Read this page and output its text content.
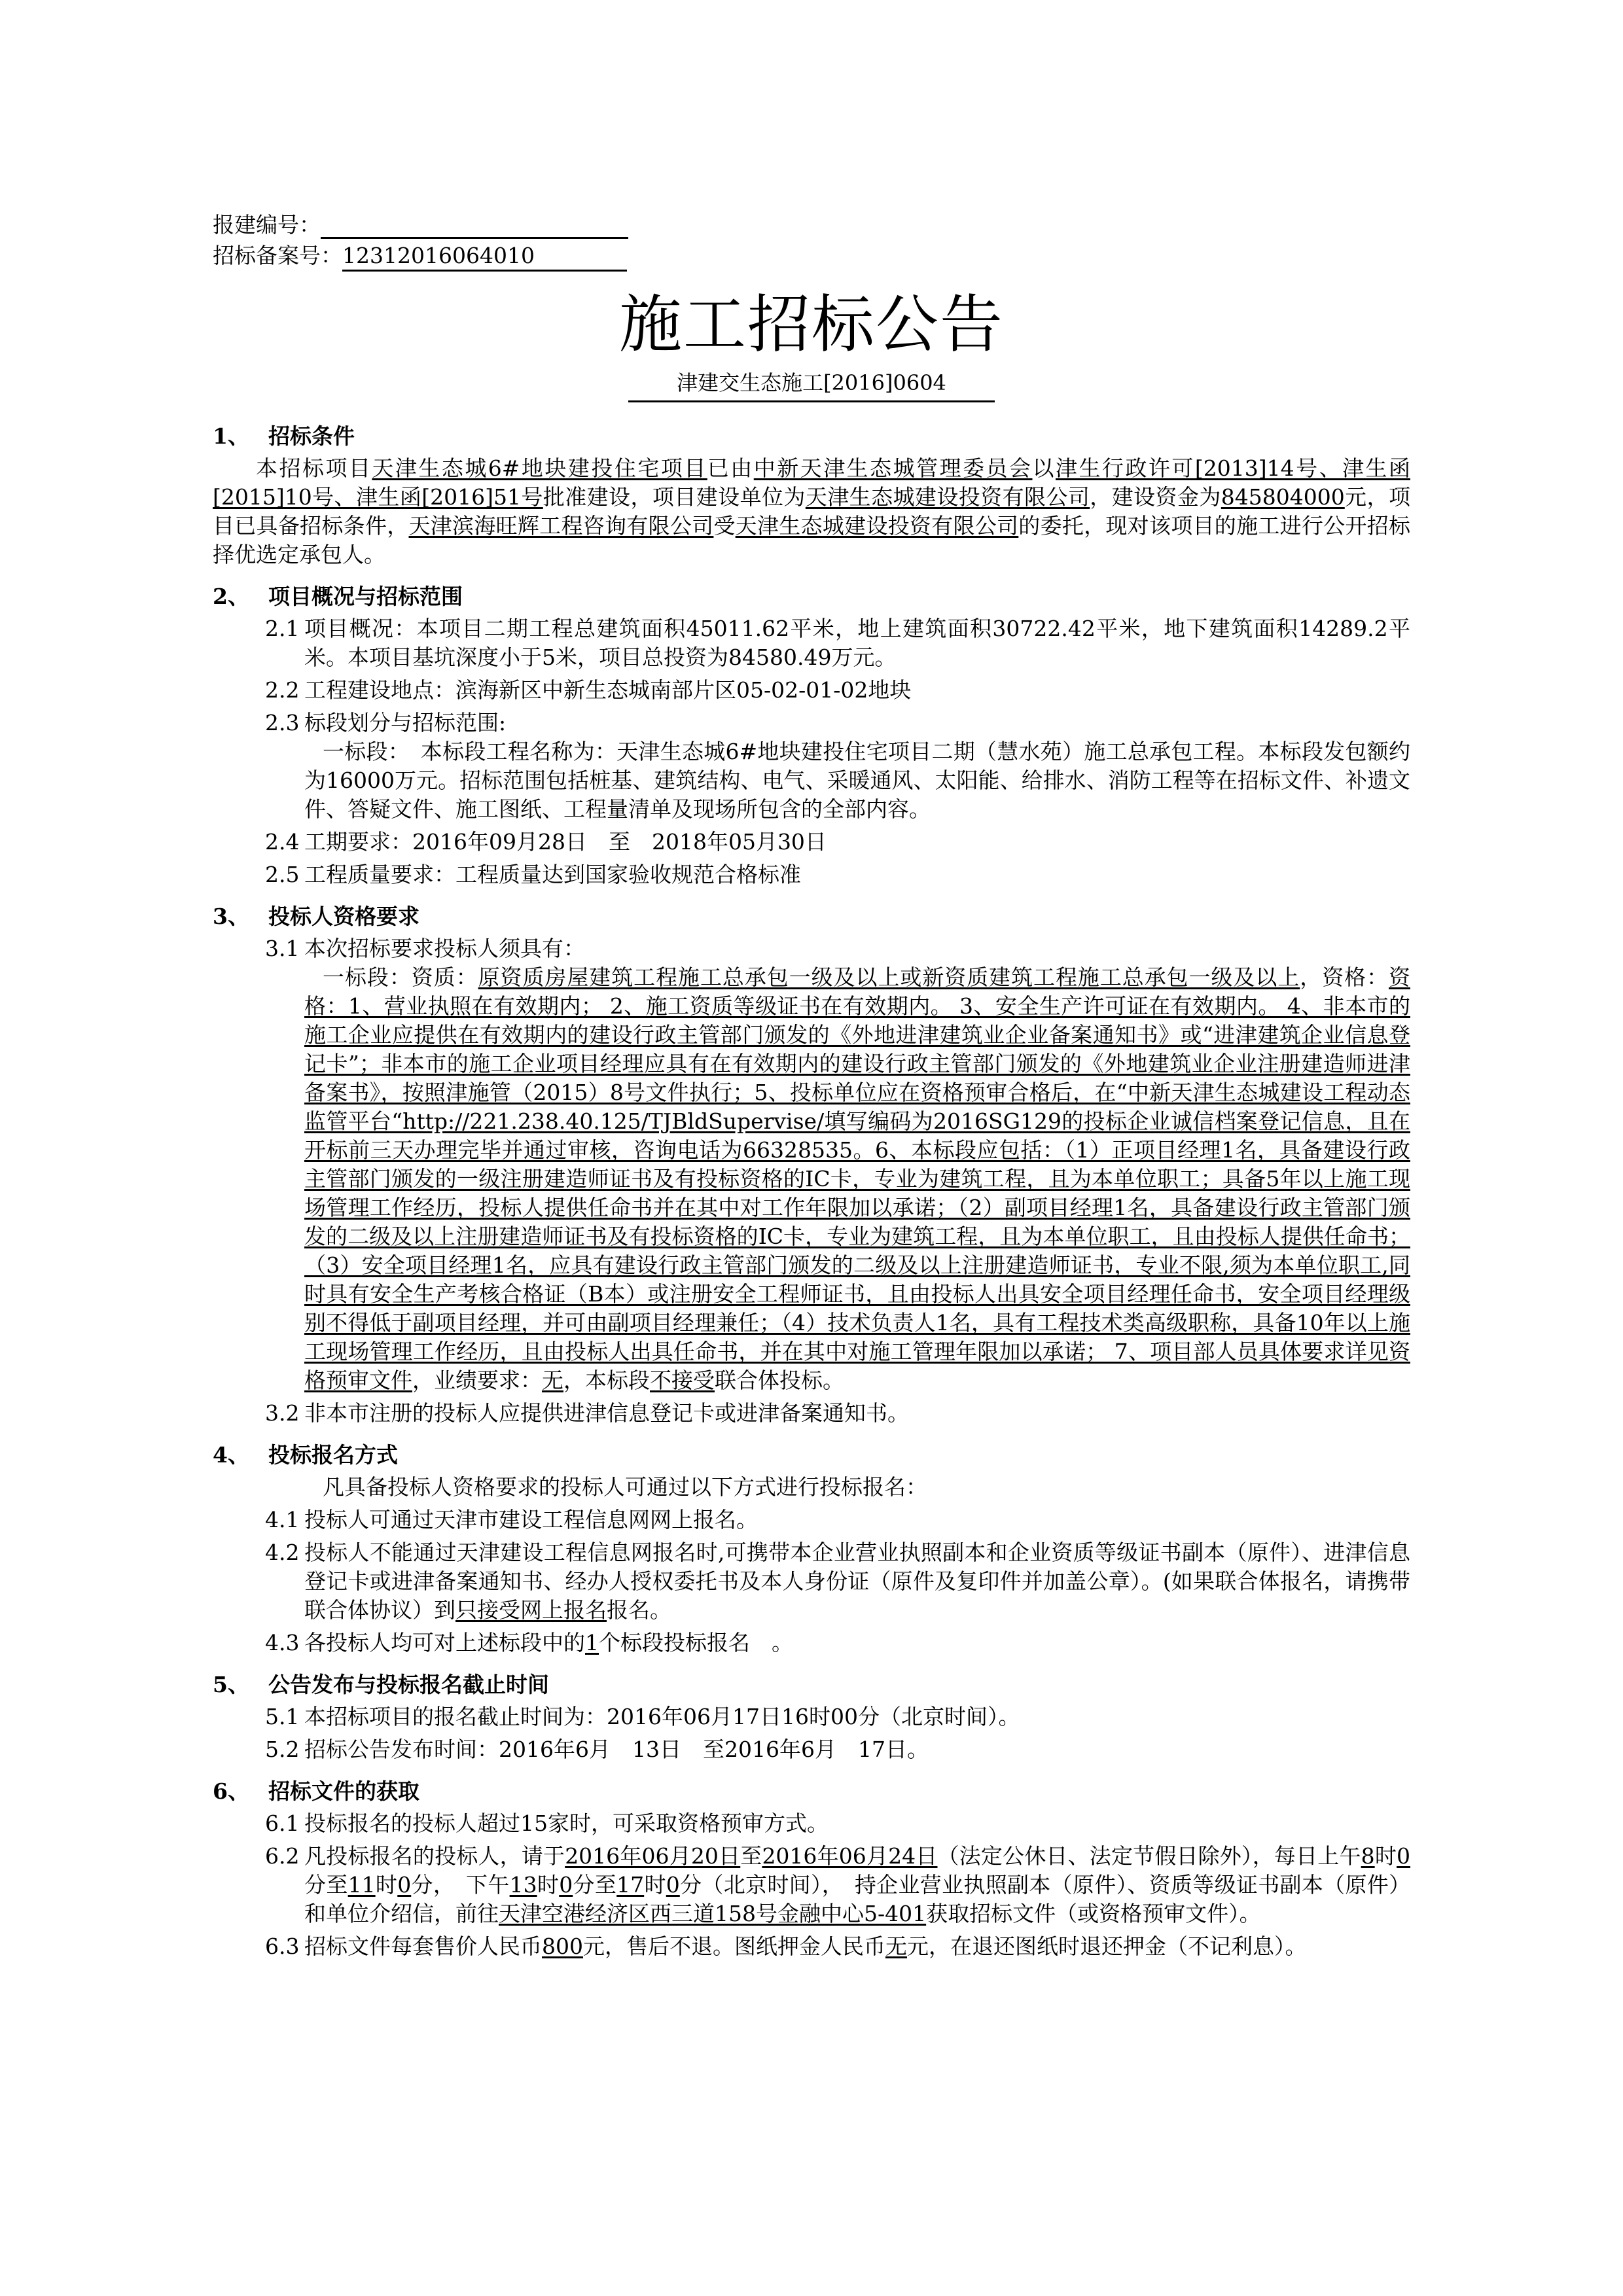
报建编号：
招标备案号：12312016064010
施工招标公告
津建交生态施工[2016]0604
1、 招标条件
本招标项目天津生态城6#地块建投住宅项目已由中新天津生态城管理委员会以津生行政许可[2013]14号、津生函[2015]10号、津生函[2016]51号批准建设，项目建设单位为天津生态城建设投资有限公司，建设资金为845804000元，项目已具备招标条件，天津滨海旺辉工程咨询有限公司受天津生态城建设投资有限公司的委托，现对该项目的施工进行公开招标择优选定承包人。
2、 项目概况与招标范围
2.1 项目概况：本项目二期工程总建筑面积45011.62平米，地上建筑面积30722.42平米，地下建筑面积14289.2平米。本项目基坑深度小于5米，项目总投资为84580.49万元。
2.2 工程建设地点：滨海新区中新生态城南部片区05-02-01-02地块
2.3 标段划分与招标范围:
一标段：　本标段工程名称为：天津生态城6#地块建投住宅项目二期（慧水苑）施工总承包工程。本标段发包额约为16000万元。招标范围包括桩基、建筑结构、电气、采暖通风、太阳能、给排水、消防工程等在招标文件、补遗文件、答疑文件、施工图纸、工程量清单及现场所包含的全部内容。
2.4 工期要求：2016年09月28日　至　2018年05月30日
2.5 工程质量要求：工程质量达到国家验收规范合格标准
3、 投标人资格要求
3.1 本次招标要求投标人须具有：
一标段：资质：原资质房屋建筑工程施工总承包一级及以上或新资质建筑工程施工总承包一级及以上，资格：资格：1、营业执照在有效期内； 2、施工资质等级证书在有效期内。 3、安全生产许可证在有效期内。 4、非本市的施工企业应提供在有效期内的建设行政主管部门颁发的《外地进津建筑业企业备案通知书》或“进津建筑企业信息登记卡”；非本市的施工企业项目经理应具有在有效期内的建设行政主管部门颁发的《外地建筑业企业注册建造师进津备案书》，按照津施管（2015）8号文件执行；5、投标单位应在资格预审合格后，在“中新天津生态城建设工程动态监管平台“http://221.238.40.125/TJBldSupervise/填写编码为2016SG129的投标企业诚信档案登记信息，且在开标前三天办理完毕并通过审核，咨询电话为66328535。6、本标段应包括：（1）正项目经理1名，具备建设行政主管部门颁发的一级注册建造师证书及有投标资格的IC卡，专业为建筑工程，且为本单位职工；具备5年以上施工现场管理工作经历，投标人提供任命书并在其中对工作年限加以承诺；（2）副项目经理1名，具备建设行政主管部门颁发的二级及以上注册建造师证书及有投标资格的IC卡，专业为建筑工程，且为本单位职工，且由投标人提供任命书；（3）安全项目经理1名，应具有建设行政主管部门颁发的二级及以上注册建造师证书，专业不限,须为本单位职工,同时具有安全生产考核合格证（B本）或注册安全工程师证书，且由投标人出具安全项目经理任命书，安全项目经理级别不得低于副项目经理，并可由副项目经理兼任；（4）技术负责人1名，具有工程技术类高级职称，具备10年以上施工现场管理工作经历，且由投标人出具任命书，并在其中对施工管理年限加以承诺； 7、项目部人员具体要求详见资格预审文件，业绩要求：无，本标段不接受联合体投标。
3.2 非本市注册的投标人应提供进津信息登记卡或进津备案通知书。
4、 投标报名方式
凡具备投标人资格要求的投标人可通过以下方式进行投标报名：
4.1 投标人可通过天津市建设工程信息网网上报名。
4.2 投标人不能通过天津建设工程信息网报名时,可携带本企业营业执照副本和企业资质等级证书副本（原件）、进津信息登记卡或进津备案通知书、经办人授权委托书及本人身份证（原件及复印件并加盖公章）。(如果联合体报名，请携带联合体协议）到只接受网上报名报名。
4.3 各投标人均可对上述标段中的1个标段投标报名　。
5、 公告发布与投标报名截止时间
5.1 本招标项目的报名截止时间为：2016年06月17日16时00分（北京时间）。
5.2 招标公告发布时间：2016年6月　13日　至2016年6月　17日。
6、 招标文件的获取
6.1 投标报名的投标人超过15家时，可采取资格预审方式。
6.2 凡投标报名的投标人，请于2016年06月20日至2016年06月24日（法定公休日、法定节假日除外），每日上午8时0分至11时0分，　下午13时0分至17时0分（北京时间），　持企业营业执照副本（原件）、资质等级证书副本（原件）和单位介绍信，前往天津空港经济区西三道158号金融中心5-401获取招标文件（或资格预审文件）。
6.3 招标文件每套售价人民币800元，售后不退。图纸押金人民币无元，在退还图纸时退还押金（不记利息）。
